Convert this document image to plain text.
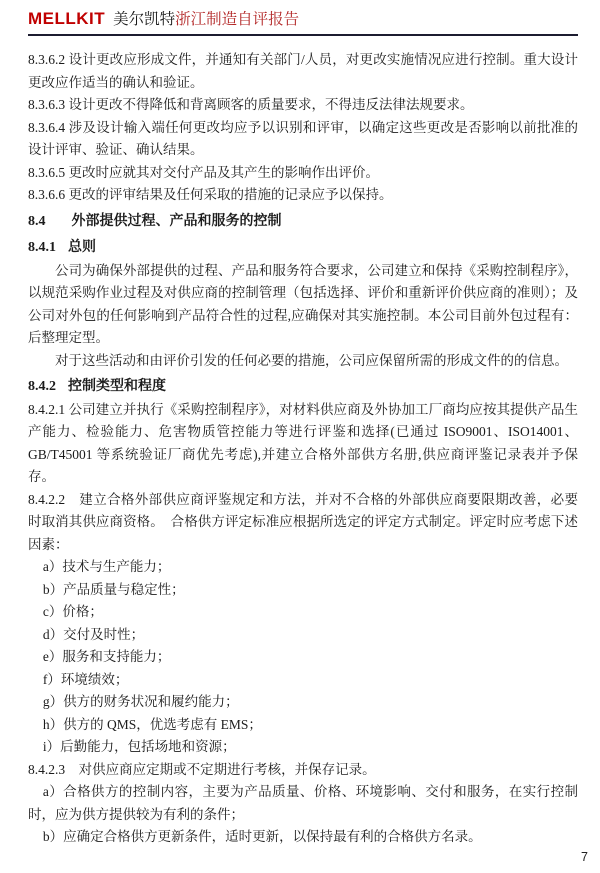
MELLKIT 美尔凯特浙江制造自评报告

8.3.6.2 设计更改应形成文件，并通知有关部门/人员，对更改实施情况应进行控制。重大设计更改应作适当的确认和验证。

8.3.6.3 设计更改不得降低和背离顾客的质量要求，不得违反法律法规要求。

8.3.6.4 涉及设计输入端任何更改均应予以识别和评审，以确定这些更改是否影响以前批准的设计评审、验证、确认结果。

8.3.6.5 更改时应就其对交付产品及其产生的影响作出评价。

8.3.6.6 更改的评审结果及任何采取的措施的记录应予以保持。

8.4 外部提供过程、产品和服务的控制

8.4.1 总则

公司为确保外部提供的过程、产品和服务符合要求，公司建立和保持《采购控制程序》，以规范采购作业过程及对供应商的控制管理（包括选择、评价和重新评价供应商的准则）；及公司对外包的任何影响到产品符合性的过程,应确保对其实施控制。本公司目前外包过程有：后整理定型。

对于这些活动和由评价引发的任何必要的措施，公司应保留所需的形成文件的的信息。

8.4.2 控制类型和程度

8.4.2.1 公司建立并执行《采购控制程序》，对材料供应商及外协加工厂商均应按其提供产品生产能力、检验能力、危害物质管控能力等进行评鉴和选择(已通过 ISO9001、ISO14001、GB/T45001 等系统验证厂商优先考虑),并建立合格外部供方名册,供应商评鉴记录表并予保存。

8.4.2.2　建立合格外部供应商评鉴规定和方法，并对不合格的外部供应商要限期改善，必要时取消其供应商资格。　合格供方评定标准应根据所选定的评定方式制定。评定时应考虑下述因素：

a）技术与生产能力；

b）产品质量与稳定性；

c）价格；

d）交付及时性；

e）服务和支持能力；

f）环境绩效；

g）供方的财务状况和履约能力；

h）供方的 QMS，优选考虑有 EMS；

i）后勤能力，包括场地和资源；

8.4.2.3　对供应商应定期或不定期进行考核，并保存记录。

a）合格供方的控制内容，主要为产品质量、价格、环境影响、交付和服务，在实行控制时，应为供方提供较为有利的条件；

b）应确定合格供方更新条件，适时更新，以保持最有利的合格供方名录。

7
